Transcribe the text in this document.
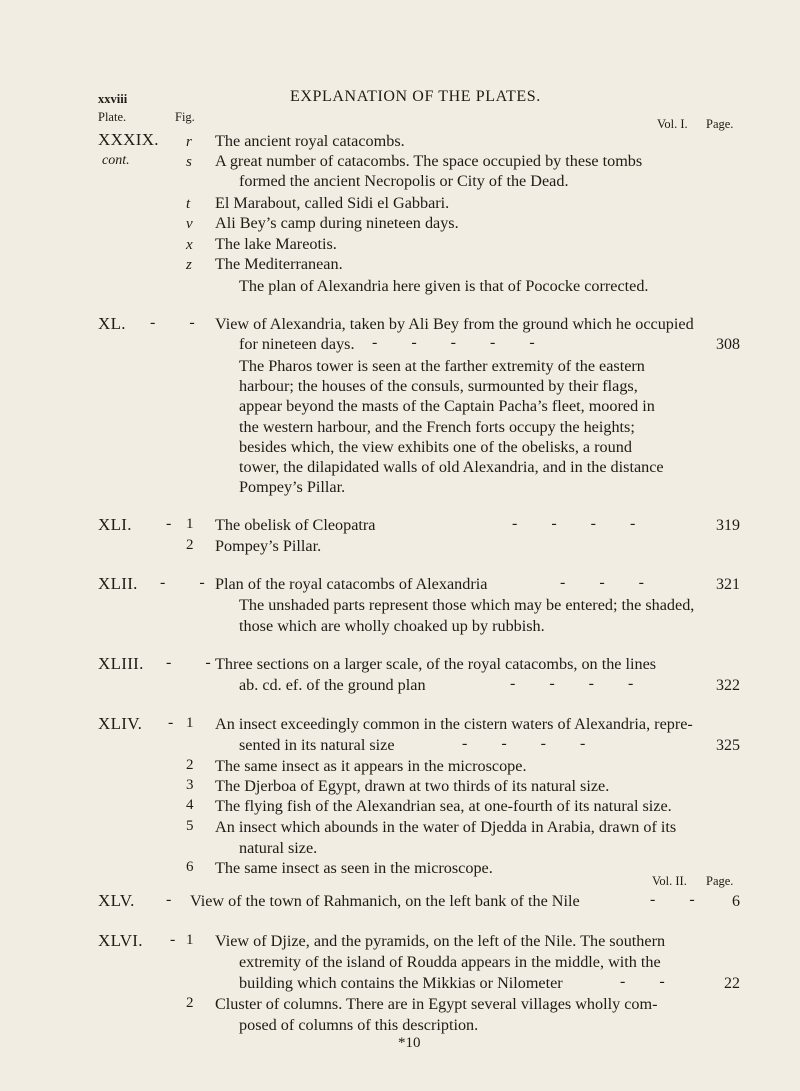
xxviii	EXPLANATION OF THE PLATES.
Plate.	Fig.	Vol. I. Page.
XXXIX. r The ancient royal catacombs.
cont.	s A great number of catacombs. The space occupied by these tombs
formed the ancient Necropolis or City of the Dead.
t El Marabout, called Sidi el Gabbari.
v Ali Bey’s camp during nineteen days.
x The lake Mareotis.
z The Mediterranean.
The plan of Alexandria here given is that of Pococke corrected.
XL. - - View of Alexandria, taken by Ali Bey from the ground which he occupied
for nineteen days. - - - - -	308
The Pharos tower is seen at the farther extremity of the eastern
harbour; the houses of the consuls, surmounted by their flags,
appear beyond the masts of the Captain Pacha’s fleet, moored in
the western harbour, and the French forts occupy the heights;
besides which, the view exhibits one of the obelisks, a round
tower, the dilapidated walls of old Alexandria, and in the distance
Pompey’s Pillar.
XLI. - 1 The obelisk of Cleopatra	- - - -	319
2 Pompey’s Pillar.
XLII. - - Plan of the royal catacombs of Alexandria	- - -	321
The unshaded parts represent those which may be entered; the shaded,
those which are wholly choaked up by rubbish.
XLIII. - - Three sections on a larger scale, of the royal catacombs, on the lines
ab. cd. ef. of the ground plan	- - - -	322
XLIV. - 1 An insect exceedingly common in the cistern waters of Alexandria, repre-
sented in its natural size	- - - -	325
2 The same insect as it appears in the microscope.
3 The Djerboa of Egypt, drawn at two thirds of its natural size.
4 The flying fish of the Alexandrian sea, at one-fourth of its natural size.
5 An insect which abounds in the water of Djedda in Arabia, drawn of its
natural size.
6 The same insect as seen in the microscope.
Vol. II. Page.
XLV. - View of the town of Rahmanich, on the left bank of the Nile	- -	6
XLVI. - 1 View of Djize, and the pyramids, on the left of the Nile. The southern
extremity of the island of Roudda appears in the middle, with the
building which contains the Mikkias or Nilometer	- -	22
2 Cluster of columns. There are in Egypt several villages wholly com-
posed of columns of this description.
*10
